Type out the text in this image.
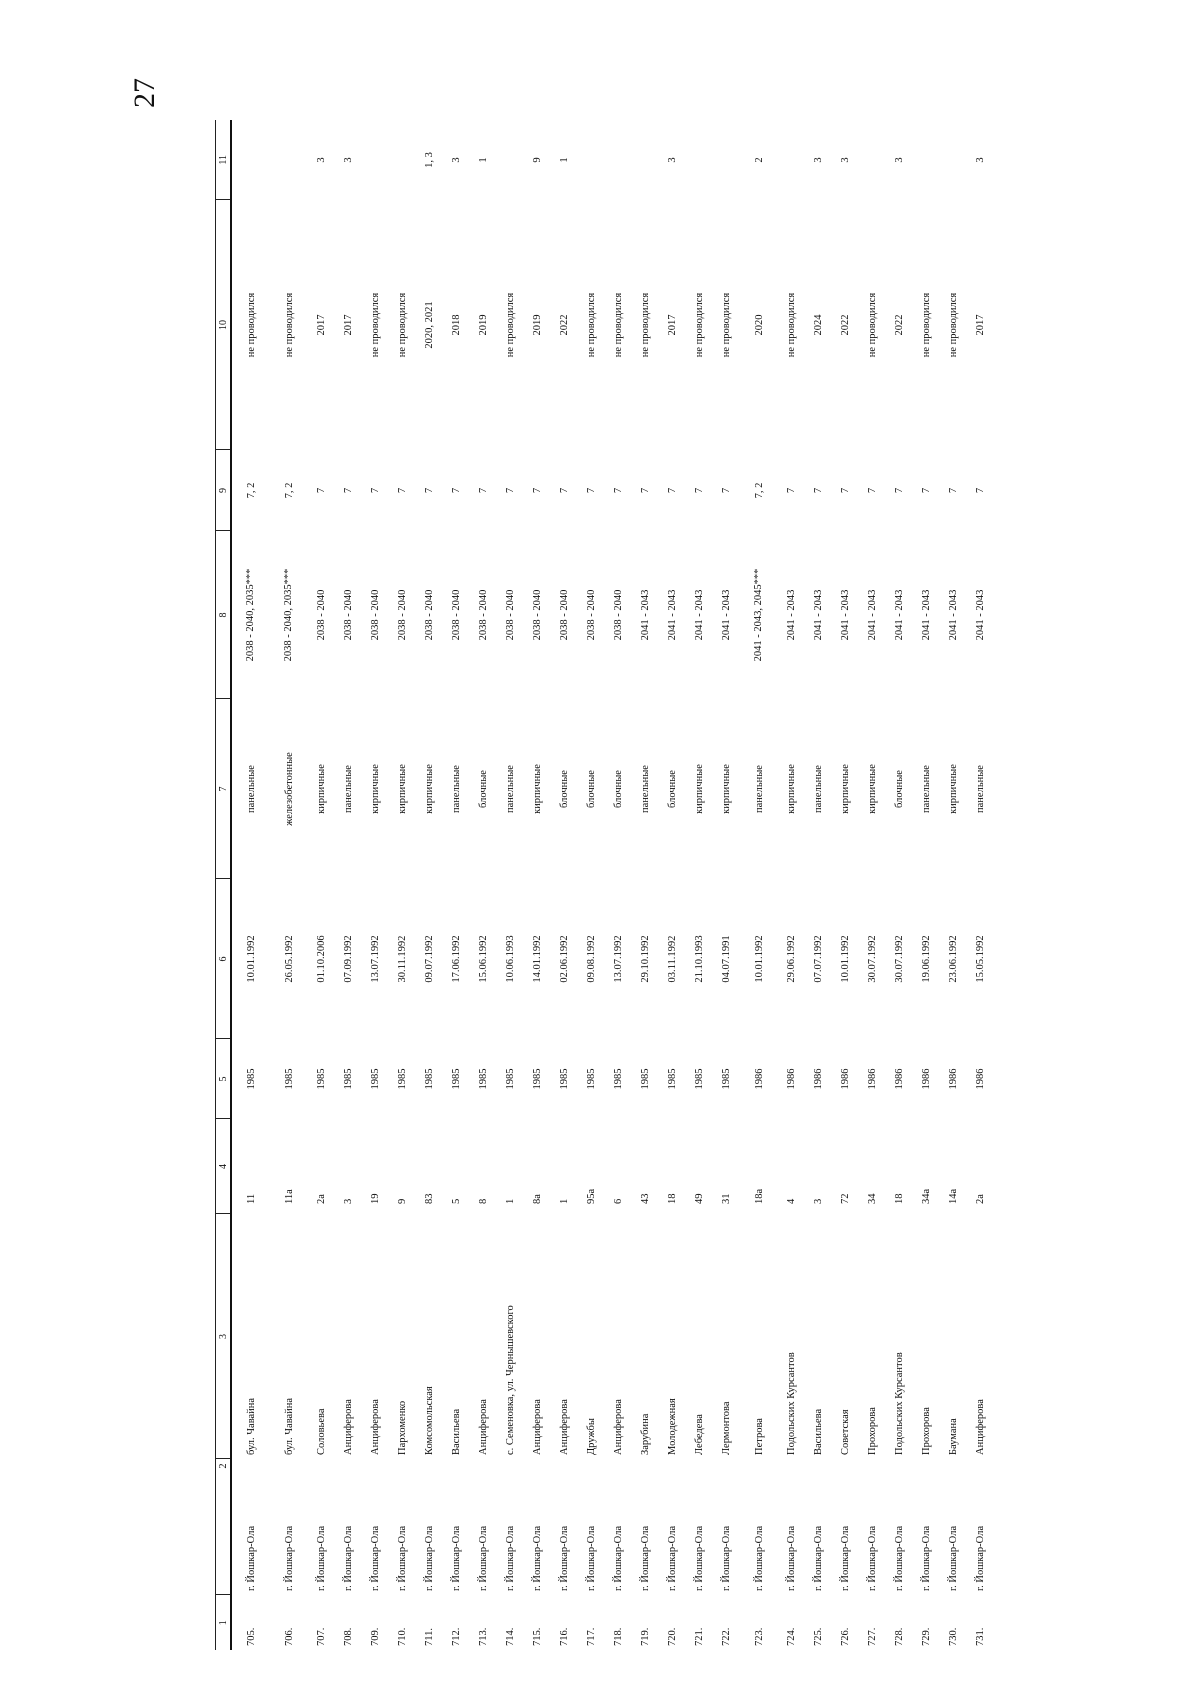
27
1	2	3	4	5	6	7	8	9	10	11
705.	г. Йошкар-Ола	бул. Чавайна	11	1985	10.01.1992	панельные	2038 - 2040, 2035***	7, 2	не проводился	
706.	г. Йошкар-Ола	бул. Чавайна	11а	1985	26.05.1992	железобетонные	2038 - 2040, 2035***	7, 2	не проводился	
707.	г. Йошкар-Ола	Соловьева	2а	1985	01.10.2006	кирпичные	2038 - 2040	7	2017	3
708.	г. Йошкар-Ола	Анциферова	3	1985	07.09.1992	панельные	2038 - 2040	7	2017	3
709.	г. Йошкар-Ола	Анциферова	19	1985	13.07.1992	кирпичные	2038 - 2040	7	не проводился	
710.	г. Йошкар-Ола	Пархоменко	9	1985	30.11.1992	кирпичные	2038 - 2040	7	не проводился	
711.	г. Йошкар-Ола	Комсомольская	83	1985	09.07.1992	кирпичные	2038 - 2040	7	2020, 2021	1, 3
712.	г. Йошкар-Ола	Васильева	5	1985	17.06.1992	панельные	2038 - 2040	7	2018	3
713.	г. Йошкар-Ола	Анциферова	8	1985	15.06.1992	блочные	2038 - 2040	7	2019	1
714.	г. Йошкар-Ола	с. Семеновка, ул. Чернышевского	1	1985	10.06.1993	панельные	2038 - 2040	7	не проводился	
715.	г. Йошкар-Ола	Анциферова	8а	1985	14.01.1992	кирпичные	2038 - 2040	7	2019	9
716.	г. Йошкар-Ола	Анциферова	1	1985	02.06.1992	блочные	2038 - 2040	7	2022	1
717.	г. Йошкар-Ола	Дружбы	95а	1985	09.08.1992	блочные	2038 - 2040	7	не проводился	
718.	г. Йошкар-Ола	Анциферова	6	1985	13.07.1992	блочные	2038 - 2040	7	не проводился	
719.	г. Йошкар-Ола	Зарубина	43	1985	29.10.1992	панельные	2041 - 2043	7	не проводился	
720.	г. Йошкар-Ола	Молодежная	18	1985	03.11.1992	блочные	2041 - 2043	7	2017	3
721.	г. Йошкар-Ола	Лебедева	49	1985	21.10.1993	кирпичные	2041 - 2043	7	не проводился	
722.	г. Йошкар-Ола	Лермонтова	31	1985	04.07.1991	кирпичные	2041 - 2043	7	не проводился	
723.	г. Йошкар-Ола	Петрова	18а	1986	10.01.1992	панельные	2041 - 2043, 2045***	7, 2	2020	2
724.	г. Йошкар-Ола	Подольских Курсантов	4	1986	29.06.1992	кирпичные	2041 - 2043	7	не проводился	
725.	г. Йошкар-Ола	Васильева	3	1986	07.07.1992	панельные	2041 - 2043	7	2024	3
726.	г. Йошкар-Ола	Советская	72	1986	10.01.1992	кирпичные	2041 - 2043	7	2022	3
727.	г. Йошкар-Ола	Прохорова	34	1986	30.07.1992	кирпичные	2041 - 2043	7	не проводился	
728.	г. Йошкар-Ола	Подольских Курсантов	18	1986	30.07.1992	блочные	2041 - 2043	7	2022	3
729.	г. Йошкар-Ола	Прохорова	34а	1986	19.06.1992	панельные	2041 - 2043	7	не проводился	
730.	г. Йошкар-Ола	Баумана	14а	1986	23.06.1992	кирпичные	2041 - 2043	7	не проводился	
731.	г. Йошкар-Ола	Анциферова	2а	1986	15.05.1992	панельные	2041 - 2043	7	2017	3
